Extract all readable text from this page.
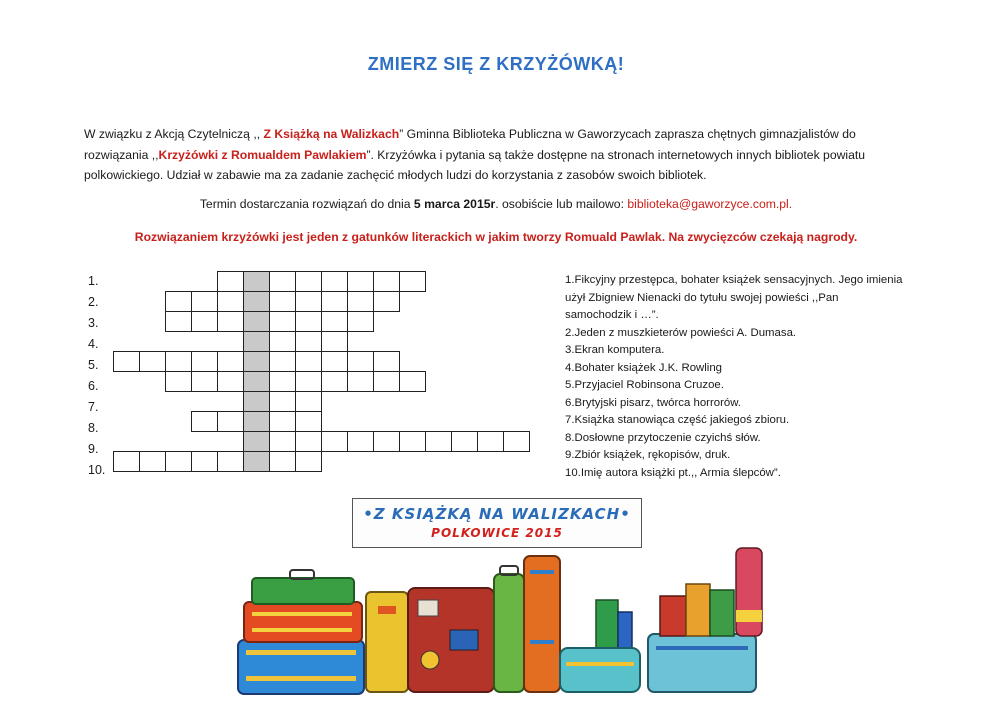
ZMIERZ SIĘ Z KRZYŻÓWKĄ!
W związku z Akcją Czytelniczą ,, Z Książką na Walizkach” Gminna Biblioteka Publiczna w Gaworzycach zaprasza chętnych gimnazjalistów do rozwiązania ,,Krzyżówki z Romualdem Pawlakiem”. Krzyżówka i pytania są także dostępne na stronach internetowych innych bibliotek powiatu polkowickiego. Udział w zabawie ma za zadanie zachęcić młodych ludzi do korzystania z zasobów swoich bibliotek.
Termin dostarczania rozwiązań do dnia 5 marca 2015r. osobiście lub mailowo: biblioteka@gaworzyce.com.pl.
Rozwiązaniem krzyżówki jest jeden z gatunków literackich w jakim tworzy Romuald Pawlak. Na zwycięzców czekają nagrody.
1.
2.
3.
4.
5.
6.
7.
8.
9.
10.
1.Fikcyjny przestępca, bohater książek sensacyjnych. Jego imienia użył Zbigniew Nienacki do tytułu swojej powieści ,,Pan samochodzik i …”.
2.Jeden z muszkieterów powieści A. Dumasa.
3.Ekran komputera.
4.Bohater książek J.K. Rowling
5.Przyjaciel Robinsona Cruzoe.
6.Brytyjski pisarz, twórca horrorów.
7.Książka stanowiąca część jakiegoś zbioru.
8.Dosłowne przytoczenie czyichś słów.
9.Zbiór książek, rękopisów, druk.
10.Imię autora książki pt.,, Armia ślepców”.
•Z KSIĄŻKĄ NA WALIZKACH•
POLKOWICE 2015
